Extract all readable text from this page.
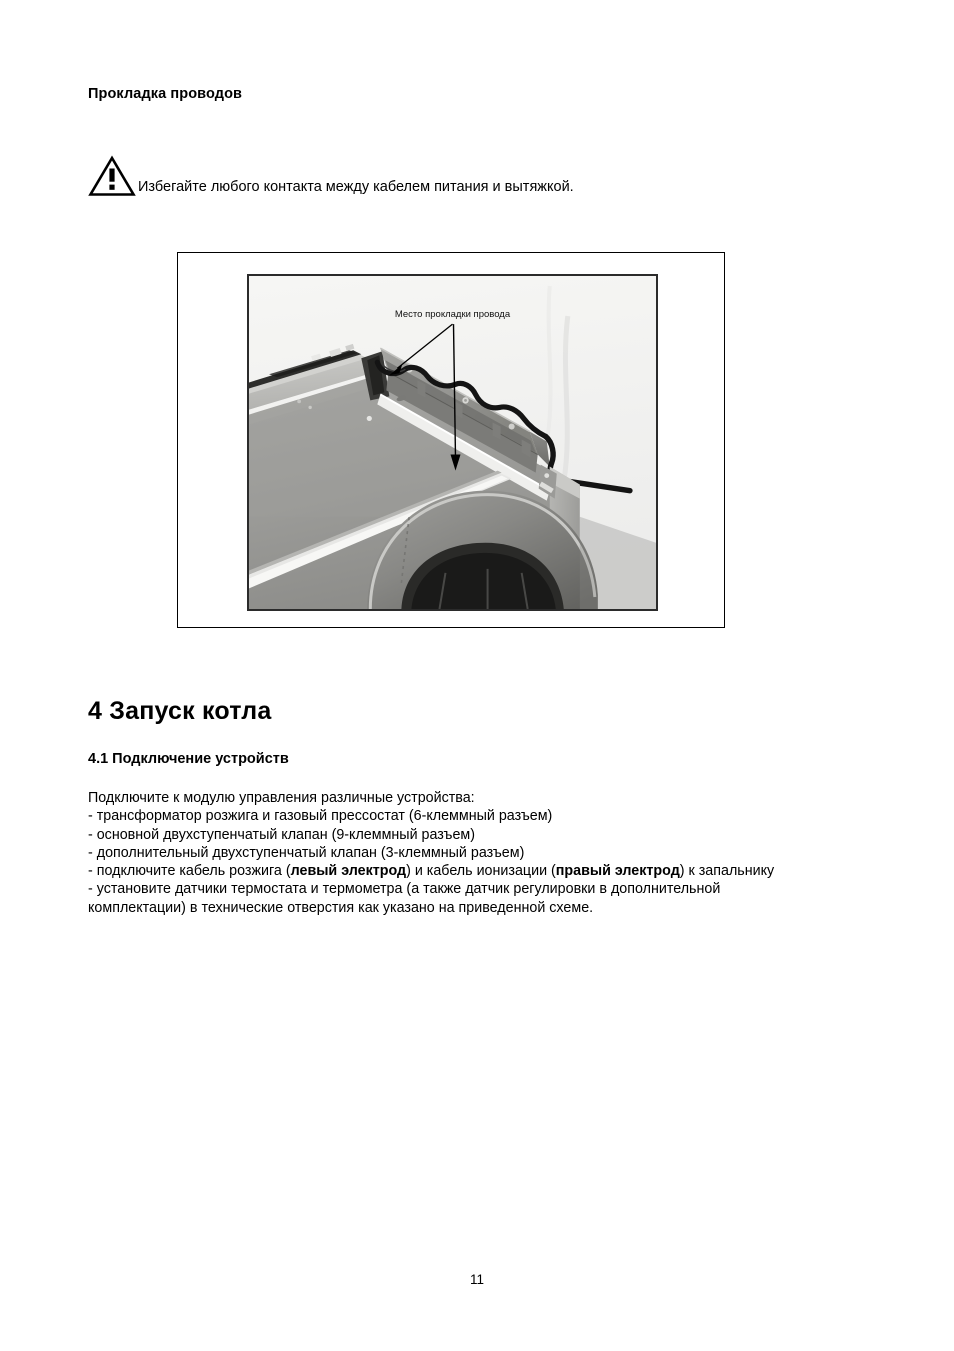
Прокладка проводов
Избегайте любого контакта между кабелем питания и вытяжкой.
Место прокладки провода
4 Запуск котла
4.1 Подключение устройств

Подключите к модулю управления различные устройства:

- трансформатор розжига и газовый прессостат (6-клеммный разъем)

- основной двухступенчатый клапан (9-клеммный разъем)

- дополнительный двухступенчатый клапан (3-клеммный разъем)

- подключите кабель розжига (левый электрод) и кабель ионизации (правый электрод) к запальнику

- установите датчики термостата и термометра (а также датчик регулировки в дополнительной

комплектации) в технические отверстия как указано на приведенной схеме.

11
